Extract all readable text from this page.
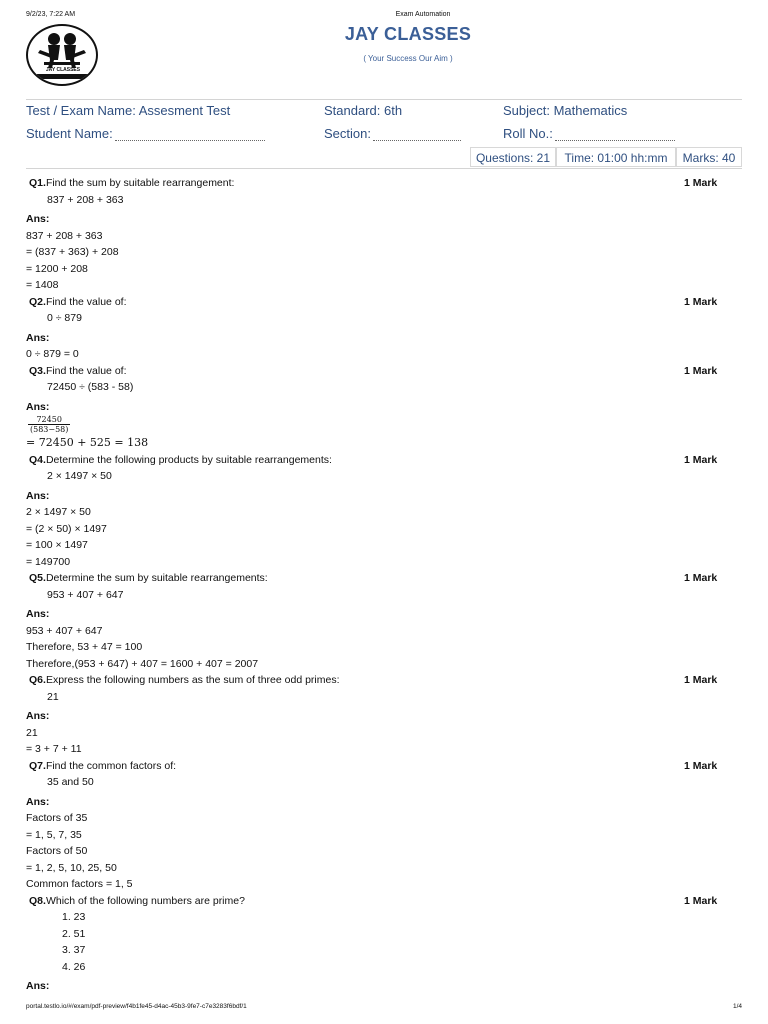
9/2/23, 7:22 AM	Exam Automation
JAY CLASSES
JAY CLASSES
( Your Success Our Aim )
Test / Exam Name: Assesment Test	Standard: 6th	Subject: Mathematics
Student Name:	Section:	Roll No.:
Questions: 21	Time: 01:00 hh:mm	Marks: 40
Q1.Find the sum by suitable rearrangement:	1 Mark
837 + 208 + 363
Ans:
837 + 208 + 363
= (837 + 363) + 208
= 1200 + 208
= 1408
Q2.Find the value of:	1 Mark
0 ÷ 879
Ans:
0 ÷ 879 = 0
Q3.Find the value of:	1 Mark
72450 ÷ (583 - 58)
Ans:
$\frac{72450}{(583-58)}$
= 72450 + 525 = 138
Q4.Determine the following products by suitable rearrangements:	1 Mark
2 × 1497 × 50
Ans:
2 × 1497 × 50
= (2 × 50) × 1497
= 100 × 1497
= 149700
Q5.Determine the sum by suitable rearrangements:	1 Mark
953 + 407 + 647
Ans:
953 + 407 + 647
Therefore, 53 + 47 = 100
Therefore,(953 + 647) + 407 = 1600 + 407 = 2007
Q6.Express the following numbers as the sum of three odd primes:	1 Mark
21
Ans:
21
= 3 + 7 + 11
Q7.Find the common factors of:	1 Mark
35 and 50
Ans:
Factors of 35
= 1, 5, 7, 35
Factors of 50
= 1, 2, 5, 10, 25, 50
Common factors = 1, 5
Q8.Which of the following numbers are prime?	1 Mark
1. 23
2. 51
3. 37
4. 26
Ans:
portal.testlo.io/#/exam/pdf-preview/f4b1fe45-d4ac-45b3-9fe7-c7e3283f6bdf/1	1/4
